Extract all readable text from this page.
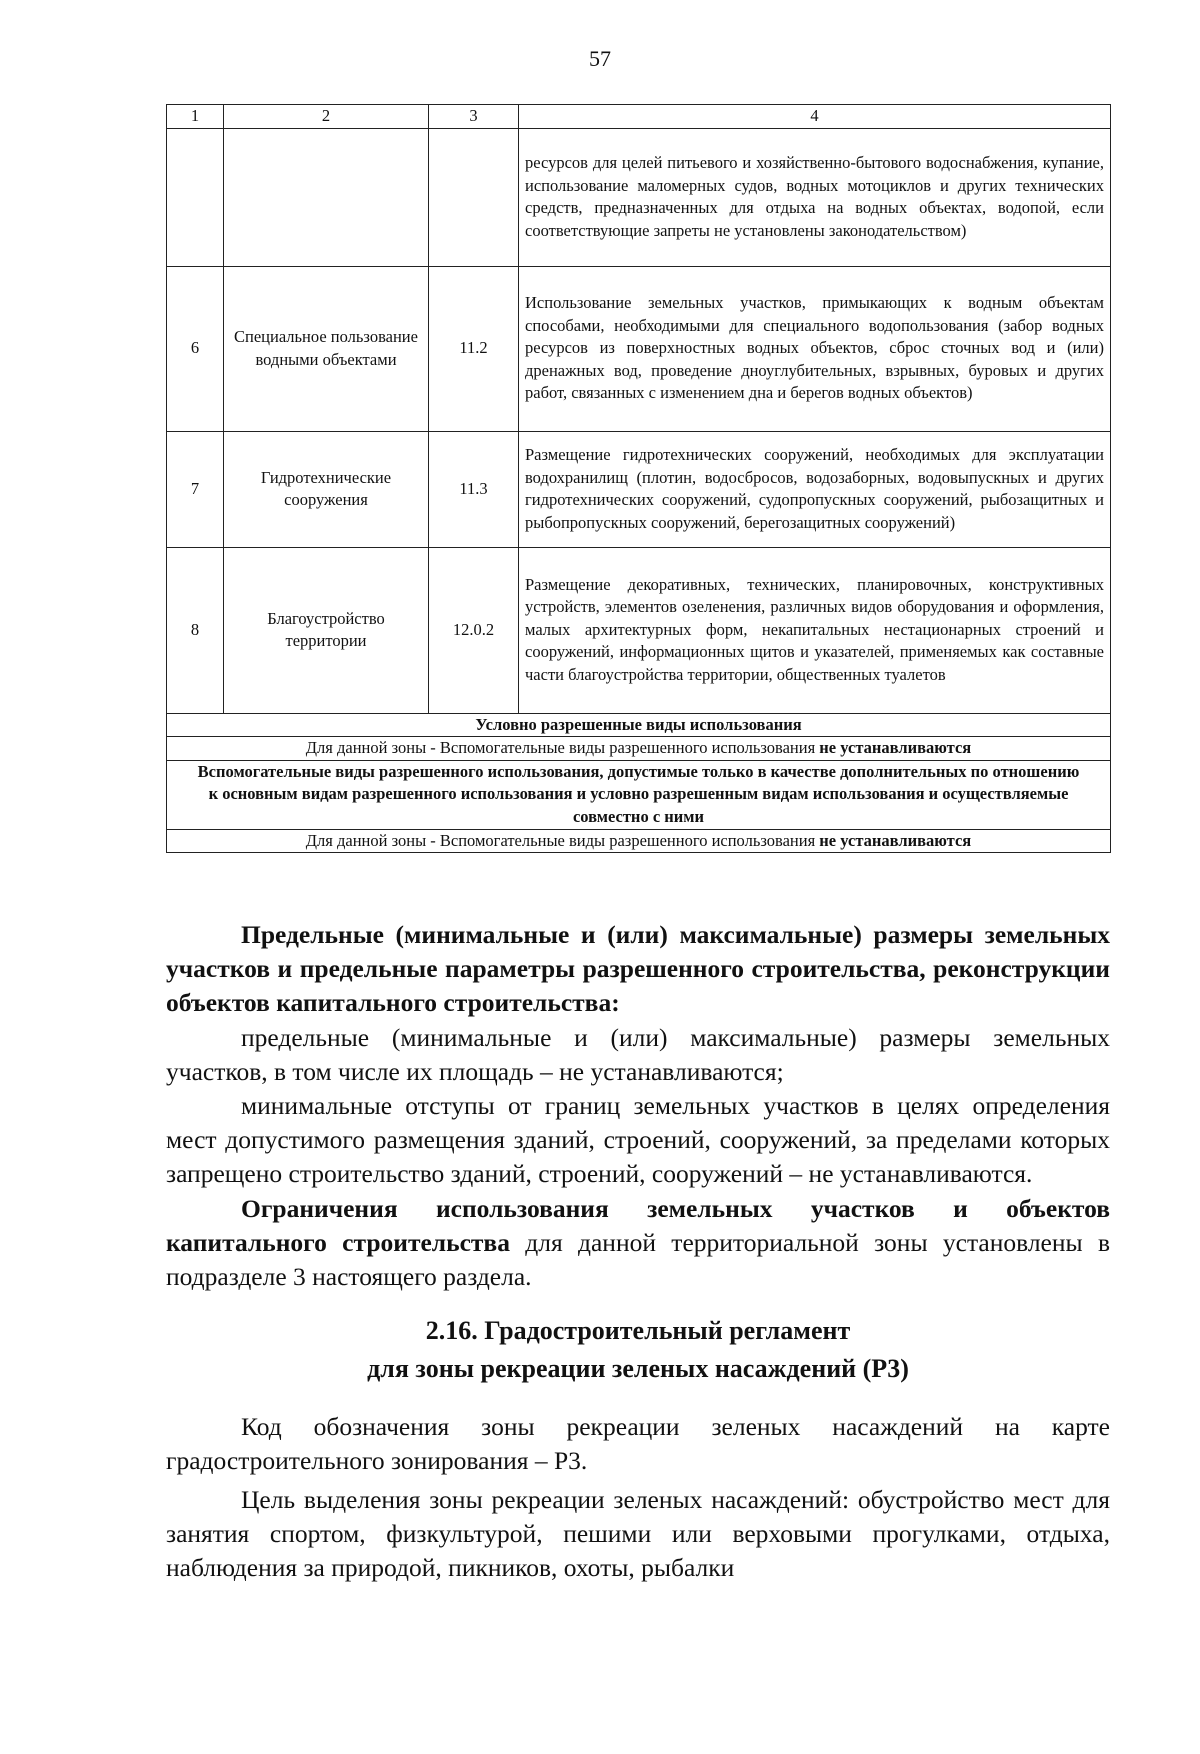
57
1	2	3	4
			ресурсов для целей питьевого и хозяйственно-бытового водоснабжения, купание, использование маломерных судов, водных мотоциклов и других технических средств, предназначенных для отдыха на водных объектах, водопой, если соответствующие запреты не установлены законодательством)
6	Специальное пользование водными объектами	11.2	Использование земельных участков, примыкающих к водным объектам способами, необходимыми для специального водопользования (забор водных ресурсов из поверхностных водных объектов, сброс сточных вод и (или) дренажных вод, проведение дноуглубительных, взрывных, буровых и других работ, связанных с изменением дна и берегов водных объектов)
7	Гидротехнические сооружения	11.3	Размещение гидротехнических сооружений, необходимых для эксплуатации водохранилищ (плотин, водосбросов, водозаборных, водовыпускных и других гидротехнических сооружений, судопропускных сооружений, рыбозащитных и рыбопропускных сооружений, берегозащитных сооружений)
8	Благоустройство территории	12.0.2	Размещение декоративных, технических, планировочных, конструктивных устройств, элементов озеленения, различных видов оборудования и оформления, малых архитектурных форм, некапитальных нестационарных строений и сооружений, информационных щитов и указателей, применяемых как составные части благоустройства территории, общественных туалетов
Условно разрешенные виды использования			
Для данной зоны - Вспомогательные виды разрешенного использования не устанавливаются			
Вспомогательные виды разрешенного использования, допустимые только в качестве дополнительных по отношению к основным видам разрешенного использования и условно разрешенным видам использования и осуществляемые совместно с ними			
Для данной зоны - Вспомогательные виды разрешенного использования не устанавливаются			

Предельные (минимальные и (или) максимальные) размеры земельных участков и предельные параметры разрешенного строительства, реконструкции объектов капитального строительства:

предельные (минимальные и (или) максимальные) размеры земельных участков, в том числе их площадь – не устанавливаются;

минимальные отступы от границ земельных участков в целях определения мест допустимого размещения зданий, строений, сооружений, за пределами которых запрещено строительство зданий, строений, сооружений – не устанавливаются.

Ограничения использования земельных участков и объектов капитального строительства для данной территориальной зоны установлены в подразделе 3 настоящего раздела.

2.16. Градостроительный регламент
для зоны рекреации зеленых насаждений (Р3)

Код обозначения зоны рекреации зеленых насаждений на карте градостроительного зонирования – Р3.

Цель выделения зоны рекреации зеленых насаждений: обустройство мест для занятия спортом, физкультурой, пешими или верховыми прогулками, отдыха, наблюдения за природой, пикников, охоты, рыбалки
